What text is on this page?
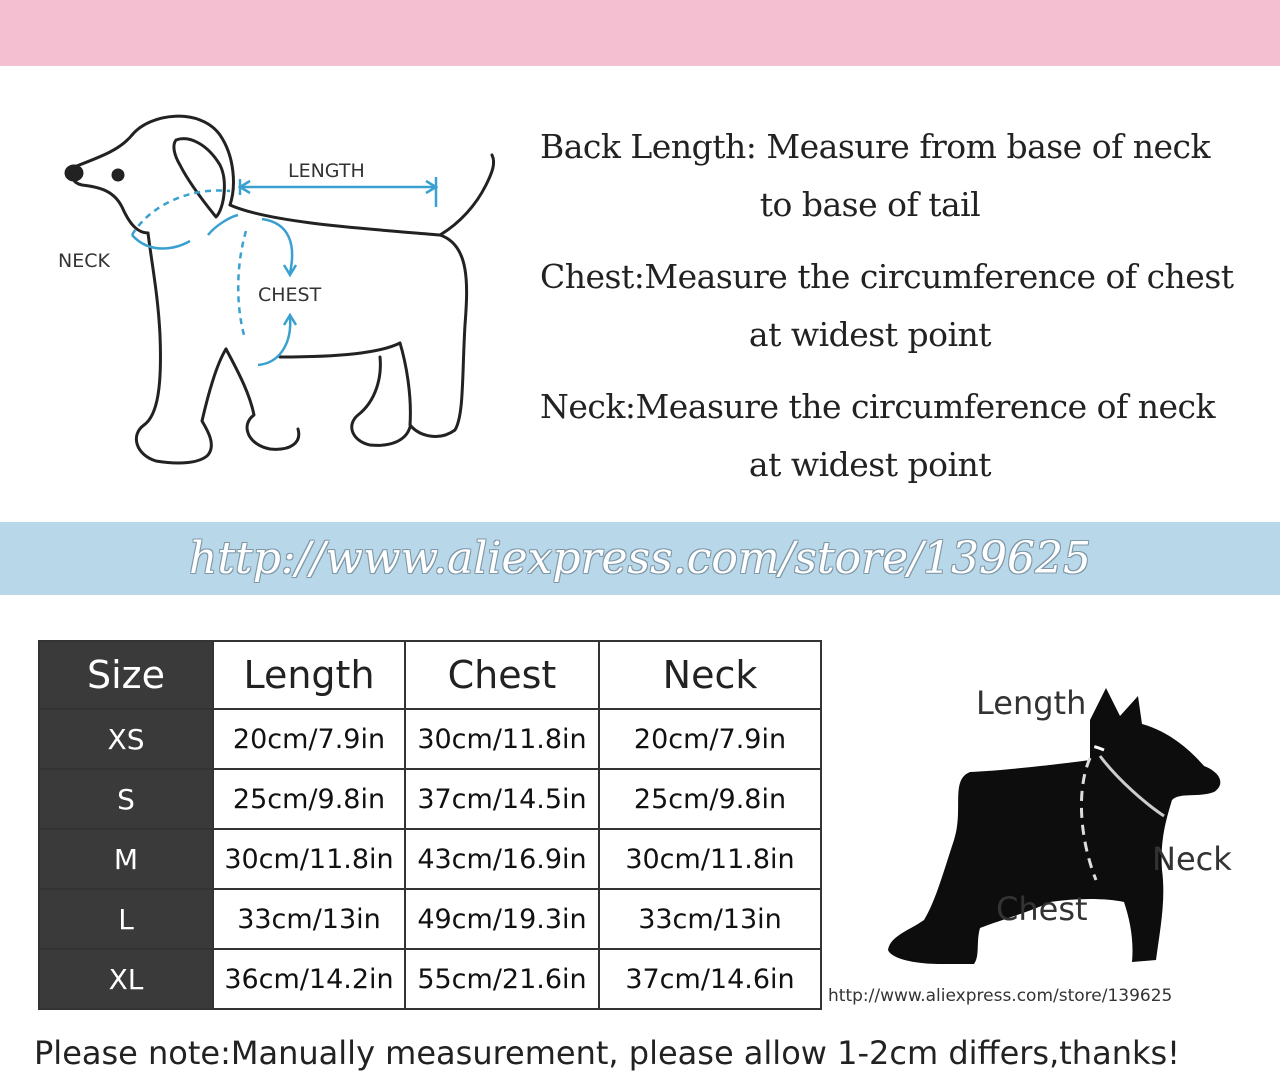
LENGTH
NECK
CHEST
Back Length: Measure from base of neck
to base of tail
Chest:Measure the circumference of chest
at widest point
Neck:Measure the circumference of neck
at widest point
http://www.aliexpress.com/store/139625
Size	Length	Chest	Neck
XS	20cm/7.9in	30cm/11.8in	20cm/7.9in
S	25cm/9.8in	37cm/14.5in	25cm/9.8in
M	30cm/11.8in	43cm/16.9in	30cm/11.8in
L	33cm/13in	49cm/19.3in	33cm/13in
XL	36cm/14.2in	55cm/21.6in	37cm/14.6in
Length
Neck
Chest
http://www.aliexpress.com/store/139625
Please note:Manually measurement, please allow 1-2cm differs,thanks!
